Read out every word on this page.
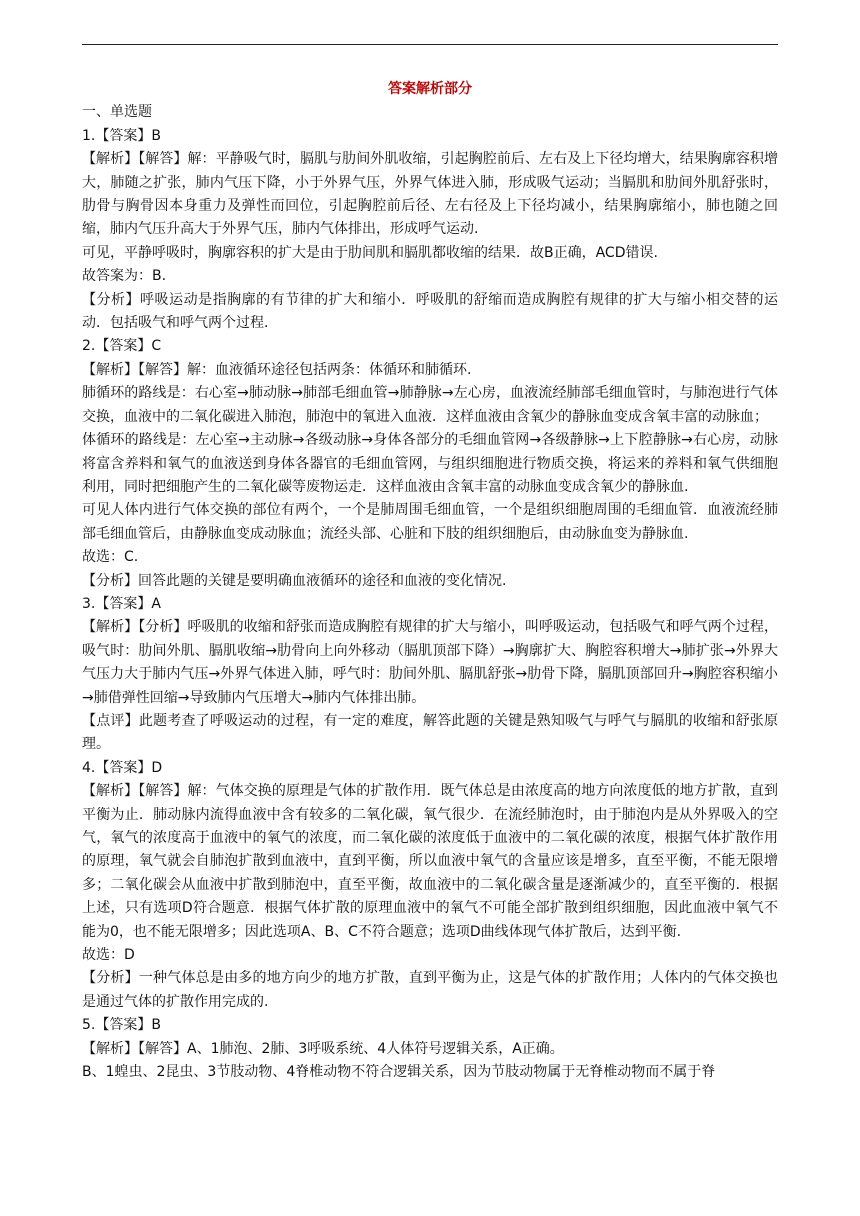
答案解析部分
一、单选题
1.【答案】B
【解析】【解答】解：平静吸气时，膈肌与肋间外肌收缩，引起胸腔前后、左右及上下径均增大，结果胸廓容积增大，肺随之扩张，肺内气压下降，小于外界气压，外界气体进入肺，形成吸气运动；当膈肌和肋间外肌舒张时，肋骨与胸骨因本身重力及弹性而回位，引起胸腔前后径、左右径及上下径均减小，结果胸廓缩小，肺也随之回缩，肺内气压升高大于外界气压，肺内气体排出，形成呼气运动.
可见，平静呼吸时，胸廓容积的扩大是由于肋间肌和膈肌都收缩的结果．故B正确，ACD错误.
故答案为：B.
【分析】呼吸运动是指胸廓的有节律的扩大和缩小．呼吸肌的舒缩而造成胸腔有规律的扩大与缩小相交替的运动．包括吸气和呼气两个过程.
2.【答案】C
【解析】【解答】解：血液循环途径包括两条：体循环和肺循环.
肺循环的路线是：右心室→肺动脉→肺部毛细血管→肺静脉→左心房，血液流经肺部毛细血管时，与肺泡进行气体交换，血液中的二氧化碳进入肺泡，肺泡中的氧进入血液．这样血液由含氧少的静脉血变成含氧丰富的动脉血；
体循环的路线是：左心室→主动脉→各级动脉→身体各部分的毛细血管网→各级静脉→上下腔静脉→右心房，动脉将富含养料和氧气的血液送到身体各器官的毛细血管网，与组织细胞进行物质交换，将运来的养料和氧气供细胞利用，同时把细胞产生的二氧化碳等废物运走．这样血液由含氧丰富的动脉血变成含氧少的静脉血.
可见人体内进行气体交换的部位有两个，一个是肺周围毛细血管，一个是组织细胞周围的毛细血管．血液流经肺部毛细血管后，由静脉血变成动脉血；流经头部、心脏和下肢的组织细胞后，由动脉血变为静脉血.
故选：C.
【分析】回答此题的关键是要明确血液循环的途径和血液的变化情况.
3.【答案】A
【解析】【分析】呼吸肌的收缩和舒张而造成胸腔有规律的扩大与缩小，叫呼吸运动，包括吸气和呼气两个过程，吸气时：肋间外肌、膈肌收缩→肋骨向上向外移动（膈肌顶部下降）→胸廓扩大、胸腔容积增大→肺扩张→外界大气压力大于肺内气压→外界气体进入肺，呼气时：肋间外肌、膈肌舒张→肋骨下降，膈肌顶部回升→胸腔容积缩小→肺借弹性回缩→导致肺内气压增大→肺内气体排出肺。
【点评】此题考查了呼吸运动的过程，有一定的难度，解答此题的关键是熟知吸气与呼气与膈肌的收缩和舒张原理。
4.【答案】D
【解析】【解答】解：气体交换的原理是气体的扩散作用．既气体总是由浓度高的地方向浓度低的地方扩散，直到平衡为止．肺动脉内流得血液中含有较多的二氧化碳，氧气很少．在流经肺泡时，由于肺泡内是从外界吸入的空气，氧气的浓度高于血液中的氧气的浓度，而二氧化碳的浓度低于血液中的二氧化碳的浓度，根据气体扩散作用的原理，氧气就会自肺泡扩散到血液中，直到平衡，所以血液中氧气的含量应该是增多，直至平衡，不能无限增多；二氧化碳会从血液中扩散到肺泡中，直至平衡，故血液中的二氧化碳含量是逐渐减少的，直至平衡的．根据上述，只有选项D符合题意．根据气体扩散的原理血液中的氧气不可能全部扩散到组织细胞，因此血液中氧气不能为0，也不能无限增多；因此选项A、B、C不符合题意；选项D曲线体现气体扩散后，达到平衡.
故选：D
【分析】一种气体总是由多的地方向少的地方扩散，直到平衡为止，这是气体的扩散作用；人体内的气体交换也是通过气体的扩散作用完成的.
5.【答案】B
【解析】【解答】A、1肺泡、2肺、3呼吸系统、4人体符号逻辑关系，A正确。
B、1蝗虫、2昆虫、3节肢动物、4脊椎动物不符合逻辑关系，因为节肢动物属于无脊椎动物而不属于脊
